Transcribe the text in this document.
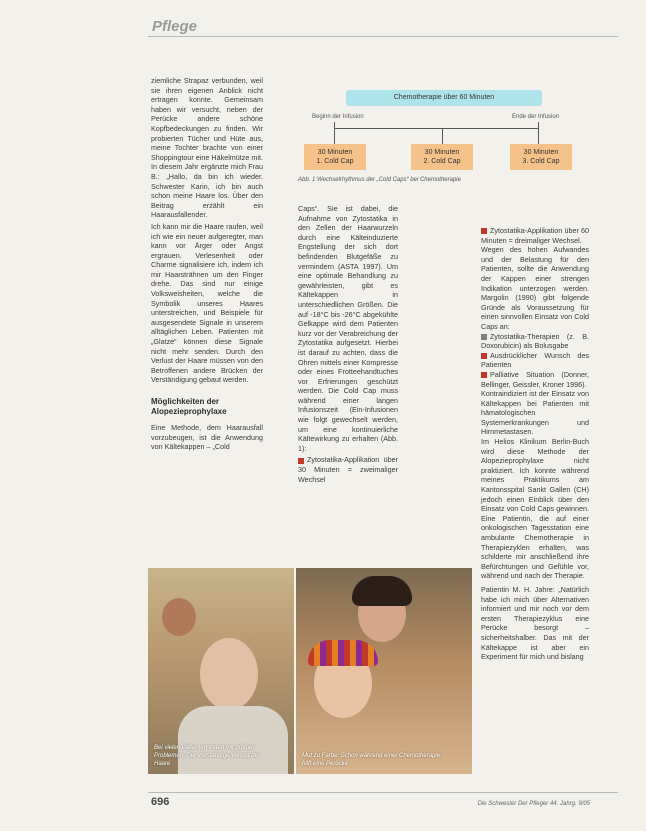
Pflege

ziemliche Strapaz verbunden, weil sie ihren eigenen Anblick nicht ertragen konnte. Gemeinsam haben wir versucht, neben der Perücke andere schöne Kopfbedeckungen zu finden. Wir probierten Tücher und Hüte aus, meine Tochter brachte von einer Shoppingtour eine Häkelmütze mit. In diesem Jahr ergänzte mich Frau B.: „Hallo, da bin ich wieder. Schwester Karin, ich bin auch schon meine Haare los. Über den Beitrag erzählt ein Haarausfallender.

Ich kann mir die Haare raufen, weil ich wie ein neuer aufgeregter, man kann vor Ärger oder Angst ergrauen. Verlesenheit oder Charme signalisiere ich, indem ich mir Haarsträhnen um den Finger drehe. Das sind nur einige Volksweisheiten, welche die Symbolik unseres Haares unterstreichen, und Beispiele für ausgesendete Signale in unserem alltäglichen Leben. Patienten mit „Glatze“ können diese Signale nicht mehr senden. Durch den Verlust der Haare müssen von den Betroffenen andere Brücken der Verständigung gebaut werden.

Möglichkeiten der Alopezieprophylaxe

Eine Methode, dem Haarausfall vorzubeugen, ist die Anwendung von Kältekappen – „Cold

Chemotherapie über 60 Minuten
Beginn der Infusion	Ende der Infusion
30 Minuten
1. Cold Cap
30 Minuten
2. Cold Cap
30 Minuten
3. Cold Cap
Abb. 1 Wechselrhythmus der „Cold Caps“ bei Chemotherapie

Caps“. Sie ist dabei, die Aufnahme von Zytostatika in den Zellen der Haarwurzeln durch eine Kälteinduzierte Engstellung der sich dort befindenden Blutgefäße zu vermindern (ASTA 1997). Um eine optimale Behandlung zu gewährleisten, gibt es Kältekappen in unterschiedlichen Größen. Die auf -18°C bis -26°C abgekühlte Gelkappe wird dem Patienten kurz vor der Verabreichung der Zytostatika aufgesetzt. Hierbei ist darauf zu achten, dass die Ohren mittels einer Kompresse oder eines Frotteehandtuches vor Erfrierungen geschützt werden. Die Cold Cap muss während einer langen Infusionszeit (Ein-Infusionen wie folgt gewechselt werden, um eine kontinuierliche Kältewirkung zu erhalten (Abb. 1):

Zytostatika-Applikation über 30 Minuten = zweimaliger Wechsel

Zytostatika-Applikation über 60 Minuten = dreimaliger Wechsel.

Wegen des hohen Aufwandes und der Belastung für den Patienten, sollte die Anwendung der Kappen einer strengen Indikation unterzogen werden. Margolin (1990) gibt folgende Gründe als Voraussetzung für einen sinnvollen Einsatz von Cold Caps an:

Zytostatika-Therapien (z. B. Doxorubicin) als Bolusgabe

Ausdrücklicher Wunsch des Patienten

Palliative Situation (Donner, Bellinger, Geissler, Kroner 1996).

Kontraindiziert ist der Einsatz von Kältekappen bei Patienten mit hämatologischen Systemerkrankungen und Hirnmetastasen.

Im Helios Klinikum Berlin-Buch wird diese Methode der Alopezieprophylaxe nicht praktiziert. Ich konnte während meines Praktikums am Kantonsspital Sankt Gallen (CH) jedoch einen Einblick über den Einsatz von Cold Caps gewinnen. Eine Patientin, die auf einer onkologischen Tagesstation eine ambulante Chemotherapie in Therapiezyklen erhalten, was schilderte mir anschließend ihre Befürchtungen und Gefühle vor, während und nach der Therapie.

Patientin M. H. Jahre: „Natürlich habe ich mich über Alternativen informiert und mir noch vor dem ersten Therapiezyklus eine Perücke besorgt – sicherheitshalber. Das mit der Kältekappe ist aber ein Experiment für mich und bislang

Bei vielen Patienten treten mit großen Problemen: Der vollständige Verlust der Haare
Mut zu Farbe: Schon während einer Chemotherapie hilft eine Perücke
696	Die Schwester Der Pfleger 44. Jahrg. 9/05
